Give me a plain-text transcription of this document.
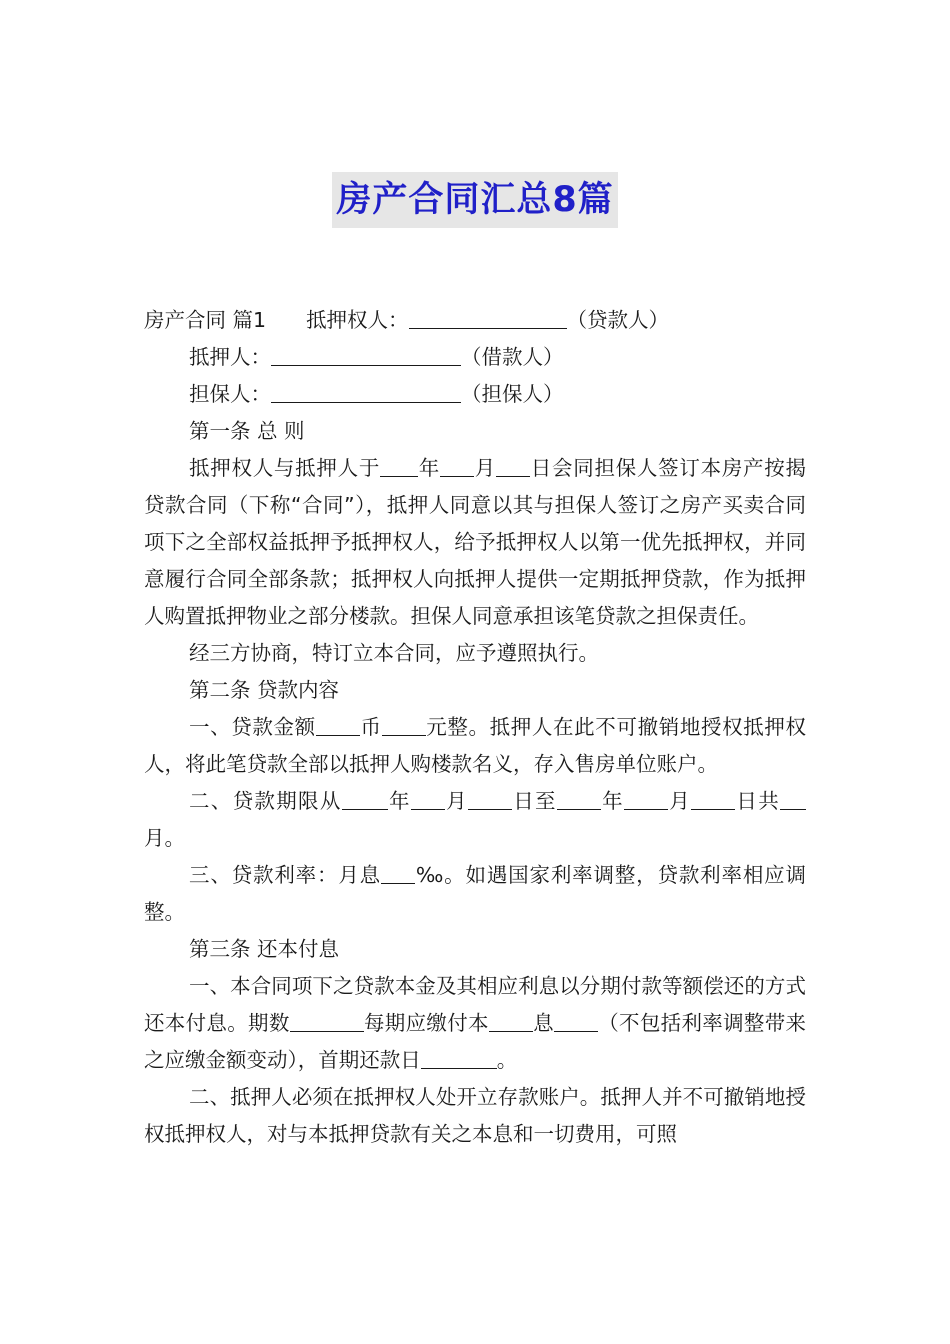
房产合同汇总8篇
房产合同 篇1 抵押权人：	（贷款人）
抵押人：	（借款人）
担保人：	（担保人）
第一条 总 则

抵押权人与抵押人于 年 月 日会同担保人签订本房产按揭贷款合同（下称“合同”），抵押人同意以其与担保人签订之房产买卖合同项下之全部权益抵押予抵押权人，给予抵押权人以第一优先抵押权，并同意履行合同全部条款；抵押权人向抵押人提供一定期抵押贷款，作为抵押人购置抵押物业之部分楼款。担保人同意承担该笔贷款之担保责任。

经三方协商，特订立本合同，应予遵照执行。

第二条 贷款内容

一、贷款金额 币 元整。抵押人在此不可撤销地授权抵押权人，将此笔贷款全部以抵押人购楼款名义，存入售房单位账户。

二、贷款期限从 年 月 日至 年 月 日共月。

三、贷款利率：月息 ‰。如遇国家利率调整，贷款利率相应调整。

第三条 还本付息

一、本合同项下之贷款本金及其相应利息以分期付款等额偿还的方式还本付息。期数	每期应缴付本 息 （不包括利率调整带来之应缴金额变动），首期还款日	。

二、抵押人必须在抵押权人处开立存款账户。抵押人并不可撤销地授权抵押权人，对与本抵押贷款有关之本息和一切费用，可照
